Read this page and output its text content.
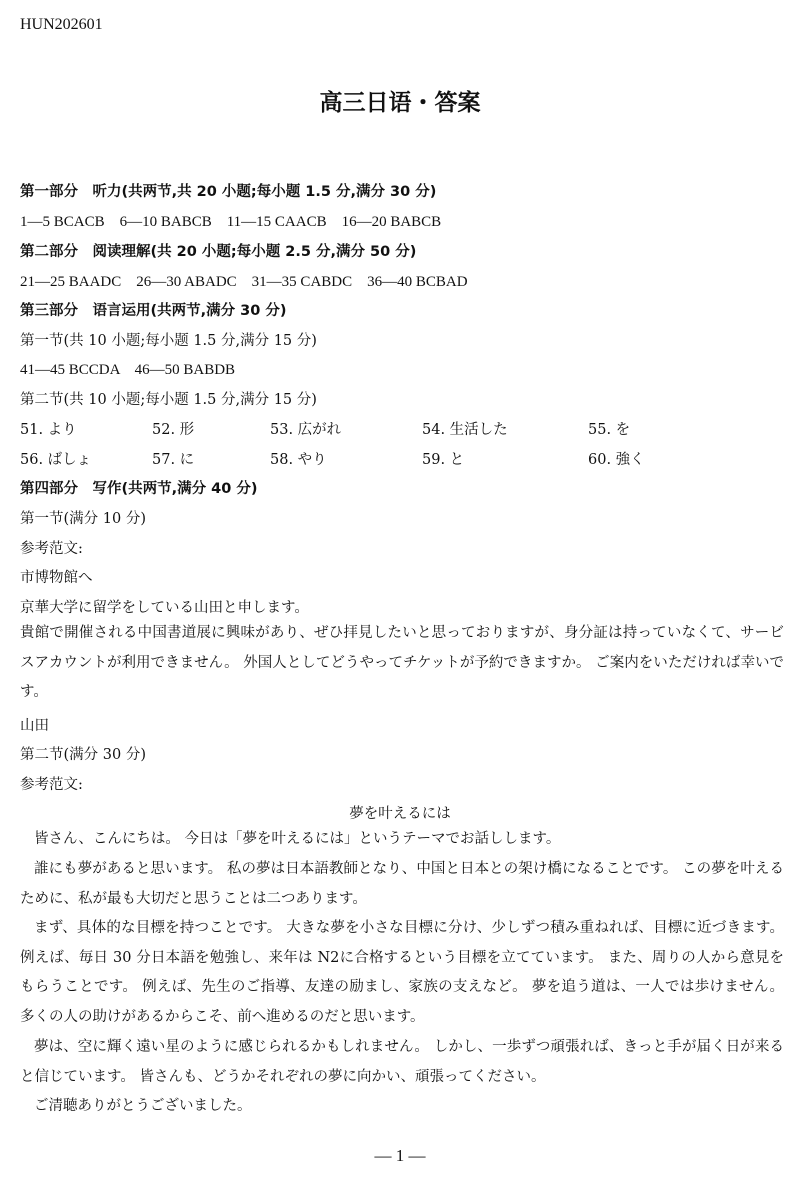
HUN202601
高三日语・答案
第一部分　听力(共两节,共 20 小题;每小题 1.5 分,满分 30 分)
1—5 BCACB　6—10 BABCB　11—15 CAACB　16—20 BABCB
第二部分　阅读理解(共 20 小题;每小题 2.5 分,满分 50 分)
21—25 BAADC　26—30 ABADC　31—35 CABDC　36—40 BCBAD
第三部分　语言运用(共两节,满分 30 分)
第一节(共 10 小题;每小题 1.5 分,满分 15 分)
41—45 BCCDA　46—50 BABDB
第二节(共 10 小题;每小题 1.5 分,满分 15 分)
51. より	52. 形	53. 広がれ	54. 生活した	55. を
56. ばしょ	57. に	58. やり	59. と	60. 強く
第四部分　写作(共两节,满分 40 分)
第一节(满分 10 分)
参考范文:
市博物館へ
京華大学に留学をしている山田と申します。
貴館で開催される中国書道展に興味があり、ぜひ拝見したいと思っておりますが、身分証は持っていなくて、サービスアカウントが利用できません。 外国人としてどうやってチケットが予約できますか。 ご案内をいただければ幸いです。
山田
第二节(满分 30 分)
参考范文:
夢を叶えるには
皆さん、こんにちは。 今日は「夢を叶えるには」というテーマでお話しします。
誰にも夢があると思います。 私の夢は日本語教師となり、中国と日本との架け橋になることです。 この夢を叶えるために、私が最も大切だと思うことは二つあります。
まず、具体的な目標を持つことです。 大きな夢を小さな目標に分け、少しずつ積み重ねれば、目標に近づきます。 例えば、毎日 30 分日本語を勉強し、来年は N2に合格するという目標を立てています。 また、周りの人から意見をもらうことです。 例えば、先生のご指導、友達の励まし、家族の支えなど。 夢を追う道は、一人では歩けません。 多くの人の助けがあるからこそ、前へ進めるのだと思います。
夢は、空に輝く遠い星のように感じられるかもしれません。 しかし、一歩ずつ頑張れば、きっと手が届く日が来ると信じています。 皆さんも、どうかそれぞれの夢に向かい、頑張ってください。
ご清聴ありがとうございました。
— 1 —
